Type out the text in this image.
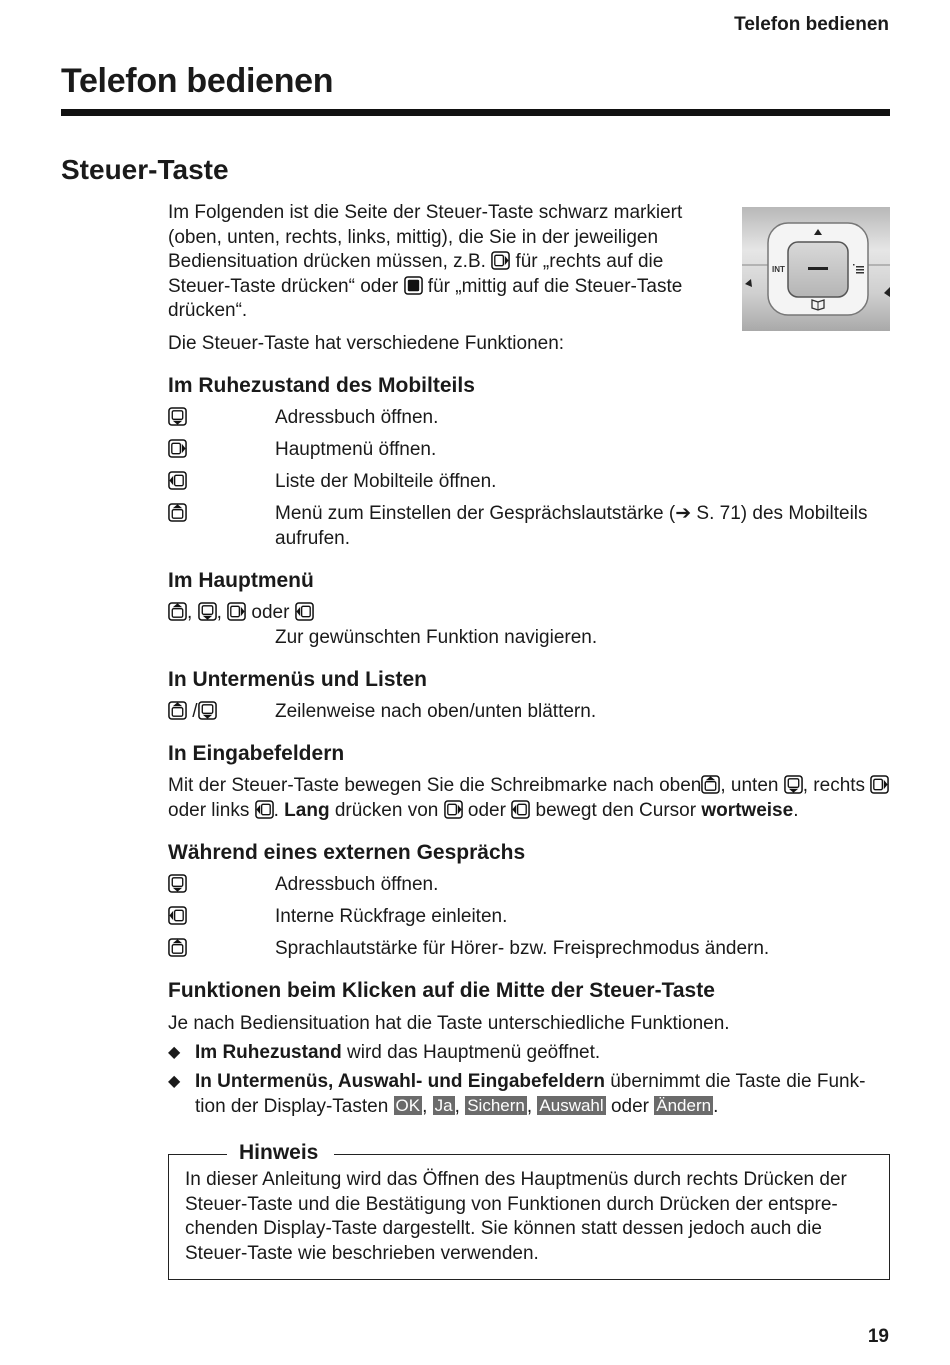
Telefon bedienen
Telefon bedienen
Steuer-Taste

Im Folgenden ist die Seite der Steuer-Taste schwarz markiert (oben, unten, rechts, links, mittig), die Sie in der jeweiligen Bediensituation drücken müssen, z.B.  für „rechts auf die Steuer-Taste drücken“ oder  für „mittig auf die Steuer-Taste drücken“.

Die Steuer-Taste hat verschiedene Funktionen:

INT
Im Ruhezustand des Mobilteils
Adressbuch öffnen.
Hauptmenü öffnen.
Liste der Mobilteile öffnen.
Menü zum Einstellen der Gesprächslautstärke (➔ S. 71) des Mobilteils aufrufen.
Im Hauptmenü
, ,  oder
Zur gewünschten Funktion navigieren.
In Untermenüs und Listen
/	Zeilenweise nach oben/unten blättern.
In Eingabefeldern
Mit der Steuer-Taste bewegen Sie die Schreibmarke nach oben , unten , rechts  oder links . Lang drücken von  oder  bewegt den Cursor wortweise.
Während eines externen Gesprächs
Adressbuch öffnen.
Interne Rückfrage einleiten.
Sprachlautstärke für Hörer- bzw. Freisprechmodus ändern.
Funktionen beim Klicken auf die Mitte der Steuer-Taste
Je nach Bediensituation hat die Taste unterschiedliche Funktionen.
◆ Im Ruhezustand wird das Hauptmenü geöffnet.
◆ In Untermenüs, Auswahl- und Eingabefeldern übernimmt die Taste die Funk- tion der Display-Tasten OK , Ja , Sichern , Auswahl oder Ändern .
Hinweis
In dieser Anleitung wird das Öffnen des Hauptmenüs durch rechts Drücken der Steuer-Taste und die Bestätigung von Funktionen durch Drücken der entspre- chenden Display-Taste dargestellt. Sie können statt dessen jedoch auch die Steuer-Taste wie beschrieben verwenden.
19
